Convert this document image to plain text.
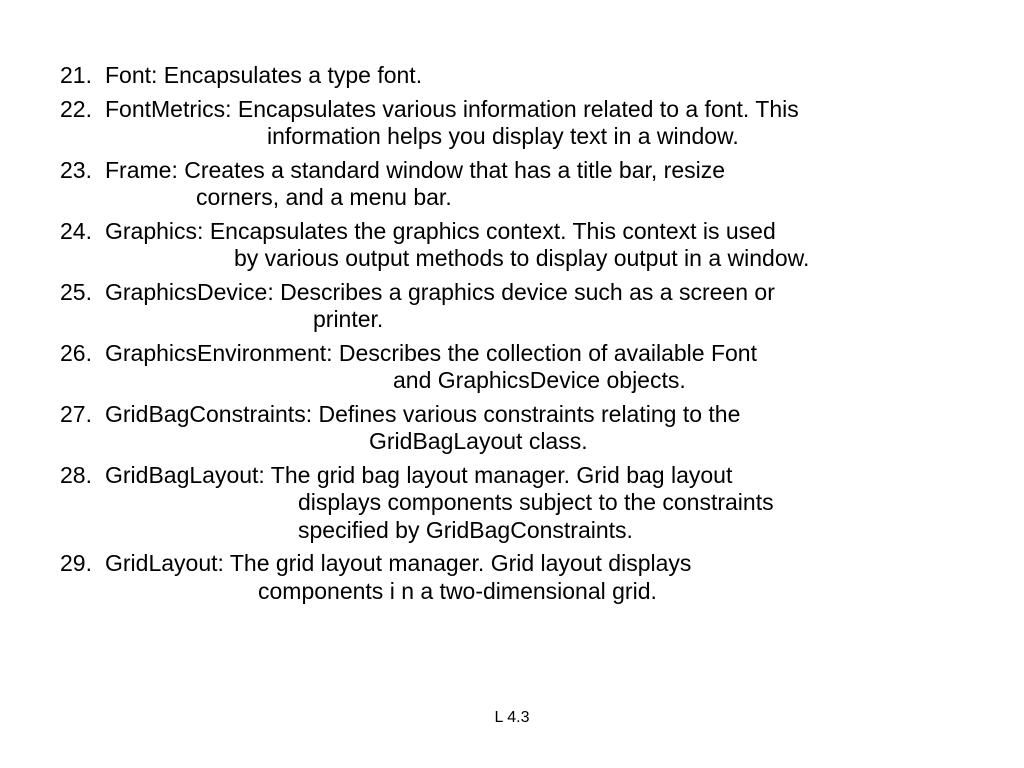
21. Font: Encapsulates a type font.
22. FontMetrics: Encapsulates various information related to a font. This
information helps you display text in a window.
23. Frame: Creates a standard window that has a title bar, resize
corners, and a menu bar.
24. Graphics: Encapsulates the graphics context. This context is used
by various output methods to display output in a window.
25. GraphicsDevice: Describes a graphics device such as a screen or
printer.
26. GraphicsEnvironment: Describes the collection of available Font
and GraphicsDevice objects.
27. GridBagConstraints: Defines various constraints relating to the
GridBagLayout class.
28. GridBagLayout: The grid bag layout manager. Grid bag layout
displays components subject to the constraints
specified by GridBagConstraints.
29. GridLayout: The grid layout manager. Grid layout displays
components i n a two-dimensional grid.
L 4.3
